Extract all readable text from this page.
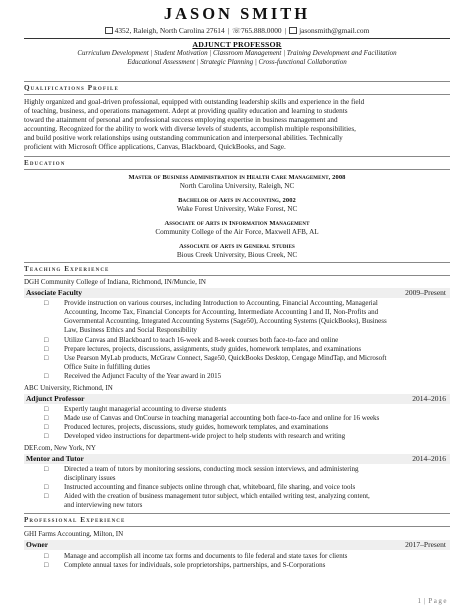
JASON SMITH
4352, Raleigh, North Carolina 27614 | ☏765.888.0000 | jasonsmith@gmail.com
ADJUNCT PROFESSOR
Curriculum Development | Student Motivation | Classroom Management | Training Development and Facilitation
Educational Assessment | Strategic Planning | Cross-functional Collaboration
Qualifications Profile
Highly organized and goal-driven professional, equipped with outstanding leadership skills and experience in the field
of teaching, business, and operations management. Adept at providing quality education and learning to students
toward the attainment of personal and professional success employing expertise in business management and
accounting. Recognized for the ability to work with diverse levels of students, accomplish multiple responsibilities,
and build positive work relationships using outstanding communication and interpersonal abilities. Technically
proficient with Microsoft Office applications, Canvas, Blackboard, QuickBooks, and Sage.
Education
Master of Business Administration in Health Care Management, 2008
North Carolina University, Raleigh, NC
Bachelor of Arts in Accounting, 2002
Wake Forest University, Wake Forest, NC
Associate of Arts in Information Management
Community College of the Air Force, Maxwell AFB, AL
Associate of Arts in General Studies
Bious Creek University, Bious Creek, NC
Teaching Experience
DGH Community College of Indiana, Richmond, IN/Muncie, IN
Associate Faculty	2009–Present
□ Provide instruction on various courses, including Introduction to Accounting, Financial Accounting, Managerial
Accounting, Income Tax, Financial Concepts for Accounting, Intermediate Accounting I and II, Non-Profits and
Governmental Accounting, Integrated Accounting Systems (Sage50), Accounting Systems (QuickBooks), Business
Law, Business Ethics and Social Responsibility
□ Utilize Canvas and Blackboard to teach 16-week and 8-week courses both face-to-face and online
□ Prepare lectures, projects, discussions, assignments, study guides, homework templates, and examinations
□ Use Pearson MyLab products, McGraw Connect, Sage50, QuickBooks Desktop, Cengage MindTap, and Microsoft
Office Suite in fulfilling duties
□ Received the Adjunct Faculty of the Year award in 2015
ABC University, Richmond, IN
Adjunct Professor	2014–2016
□ Expertly taught managerial accounting to diverse students
□ Made use of Canvas and OnCourse in teaching managerial accounting both face-to-face and online for 16 weeks
□ Produced lectures, projects, discussions, study guides, homework templates, and examinations
□ Developed video instructions for department-wide project to help students with research and writing
DEF.com, New York, NY
Mentor and Tutor	2014–2016
□ Directed a team of tutors by monitoring sessions, conducting mock session interviews, and administering
disciplinary issues
□ Instructed accounting and finance subjects online through chat, whiteboard, file sharing, and voice tools
□ Aided with the creation of business management tutor subject, which entailed writing test, analyzing content,
and interviewing new tutors
Professional Experience
GHI Farms Accounting, Milton, IN
Owner	2017–Present
□ Manage and accomplish all income tax forms and documents to file federal and state taxes for clients
□ Complete annual taxes for individuals, sole proprietorships, partnerships, and S-Corporations
1 | Page
